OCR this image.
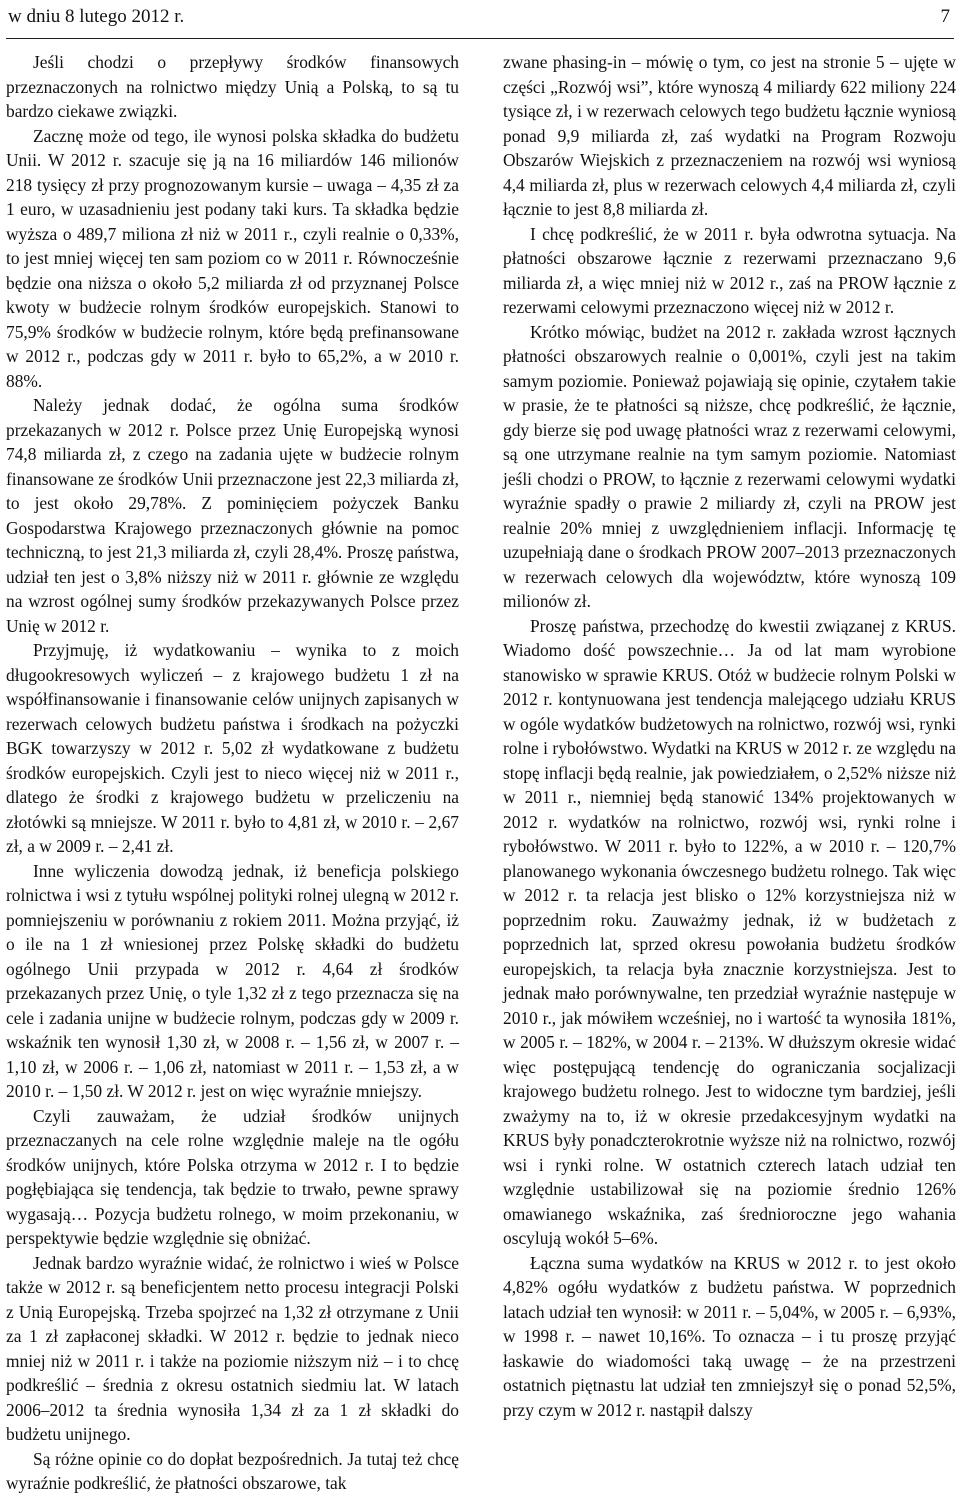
w dniu 8 lutego 2012 r.	7

Jeśli chodzi o przepływy środków finansowych przeznaczonych na rolnictwo między Unią a Polską, to są tu bardzo ciekawe związki.

Zacznę może od tego, ile wynosi polska składka do budżetu Unii. W 2012 r. szacuje się ją na 16 miliardów 146 milionów 218 tysięcy zł przy prognozowanym kursie – uwaga – 4,35 zł za 1 euro, w uzasadnieniu jest podany taki kurs. Ta składka będzie wyższa o 489,7 miliona zł niż w 2011 r., czyli realnie o 0,33%, to jest mniej więcej ten sam poziom co w 2011 r. Równocześnie będzie ona niższa o około 5,2 miliarda zł od przyznanej Polsce kwoty w budżecie rolnym środków europejskich. Stanowi to 75,9% środków w budżecie rolnym, które będą prefinansowane w 2012 r., podczas gdy w 2011 r. było to 65,2%, a w 2010 r. 88%.

Należy jednak dodać, że ogólna suma środków przekazanych w 2012 r. Polsce przez Unię Europejską wynosi 74,8 miliarda zł, z czego na zadania ujęte w budżecie rolnym finansowane ze środków Unii przeznaczone jest 22,3 miliarda zł, to jest około 29,78%. Z pominięciem pożyczek Banku Gospodarstwa Krajowego przeznaczonych głównie na pomoc techniczną, to jest 21,3 miliarda zł, czyli 28,4%. Proszę państwa, udział ten jest o 3,8% niższy niż w 2011 r. głównie ze względu na wzrost ogólnej sumy środków przekazywanych Polsce przez Unię w 2012 r.

Przyjmuję, iż wydatkowaniu – wynika to z moich długookresowych wyliczeń – z krajowego budżetu 1 zł na współfinansowanie i finansowanie celów unijnych zapisanych w rezerwach celowych budżetu państwa i środkach na pożyczki BGK towarzyszy w 2012 r. 5,02 zł wydatkowane z budżetu środków europejskich. Czyli jest to nieco więcej niż w 2011 r., dlatego że środki z krajowego budżetu w przeliczeniu na złotówki są mniejsze. W 2011 r. było to 4,81 zł, w 2010 r. – 2,67 zł, a w 2009 r. – 2,41 zł.

Inne wyliczenia dowodzą jednak, iż beneficja polskiego rolnictwa i wsi z tytułu wspólnej polityki rolnej ulegną w 2012 r. pomniejszeniu w porównaniu z rokiem 2011. Można przyjąć, iż o ile na 1 zł wniesionej przez Polskę składki do budżetu ogólnego Unii przypada w 2012 r. 4,64 zł środków przekazanych przez Unię, o tyle 1,32 zł z tego przeznacza się na cele i zadania unijne w budżecie rolnym, podczas gdy w 2009 r. wskaźnik ten wynosił 1,30 zł, w 2008 r. – 1,56 zł, w 2007 r. – 1,10 zł, w 2006 r. – 1,06 zł, natomiast w 2011 r. – 1,53 zł, a w 2010 r. – 1,50 zł. W 2012 r. jest on więc wyraźnie mniejszy.

Czyli zauważam, że udział środków unijnych przeznaczanych na cele rolne względnie maleje na tle ogółu środków unijnych, które Polska otrzyma w 2012 r. I to będzie pogłębiająca się tendencja, tak będzie to trwało, pewne sprawy wygasają… Pozycja budżetu rolnego, w moim przekonaniu, w perspektywie będzie względnie się obniżać.

Jednak bardzo wyraźnie widać, że rolnictwo i wieś w Polsce także w 2012 r. są beneficjentem netto procesu integracji Polski z Unią Europejską. Trzeba spojrzeć na 1,32 zł otrzymane z Unii za 1 zł zapłaconej składki. W 2012 r. będzie to jednak nieco mniej niż w 2011 r. i także na poziomie niższym niż – i to chcę podkreślić – średnia z okresu ostatnich siedmiu lat. W latach 2006–2012 ta średnia wynosiła 1,34 zł za 1 zł składki do budżetu unijnego.

Są różne opinie co do dopłat bezpośrednich. Ja tutaj też chcę wyraźnie podkreślić, że płatności obszarowe, tak

zwane phasing-in – mówię o tym, co jest na stronie 5 – ujęte w części „Rozwój wsi”, które wynoszą 4 miliardy 622 miliony 224 tysiące zł, i w rezerwach celowych tego budżetu łącznie wyniosą ponad 9,9 miliarda zł, zaś wydatki na Program Rozwoju Obszarów Wiejskich z przeznaczeniem na rozwój wsi wyniosą 4,4 miliarda zł, plus w rezerwach celowych 4,4 miliarda zł, czyli łącznie to jest 8,8 miliarda zł.

I chcę podkreślić, że w 2011 r. była odwrotna sytuacja. Na płatności obszarowe łącznie z rezerwami przeznaczano 9,6 miliarda zł, a więc mniej niż w 2012 r., zaś na PROW łącznie z rezerwami celowymi przeznaczono więcej niż w 2012 r.

Krótko mówiąc, budżet na 2012 r. zakłada wzrost łącznych płatności obszarowych realnie o 0,001%, czyli jest na takim samym poziomie. Ponieważ pojawiają się opinie, czytałem takie w prasie, że te płatności są niższe, chcę podkreślić, że łącznie, gdy bierze się pod uwagę płatności wraz z rezerwami celowymi, są one utrzymane realnie na tym samym poziomie. Natomiast jeśli chodzi o PROW, to łącznie z rezerwami celowymi wydatki wyraźnie spadły o prawie 2 miliardy zł, czyli na PROW jest realnie 20% mniej z uwzględnieniem inflacji. Informację tę uzupełniają dane o środkach PROW 2007–2013 przeznaczonych w rezerwach celowych dla województw, które wynoszą 109 milionów zł.

Proszę państwa, przechodzę do kwestii związanej z KRUS. Wiadomo dość powszechnie… Ja od lat mam wyrobione stanowisko w sprawie KRUS. Otóż w budżecie rolnym Polski w 2012 r. kontynuowana jest tendencja malejącego udziału KRUS w ogóle wydatków budżetowych na rolnictwo, rozwój wsi, rynki rolne i rybołówstwo. Wydatki na KRUS w 2012 r. ze względu na stopę inflacji będą realnie, jak powiedziałem, o 2,52% niższe niż w 2011 r., niemniej będą stanowić 134% projektowanych w 2012 r. wydatków na rolnictwo, rozwój wsi, rynki rolne i rybołówstwo. W 2011 r. było to 122%, a w 2010 r. – 120,7% planowanego wykonania ówczesnego budżetu rolnego. Tak więc w 2012 r. ta relacja jest blisko o 12% korzystniejsza niż w poprzednim roku. Zauważmy jednak, iż w budżetach z poprzednich lat, sprzed okresu powołania budżetu środków europejskich, ta relacja była znacznie korzystniejsza. Jest to jednak mało porównywalne, ten przedział wyraźnie następuje w 2010 r., jak mówiłem wcześniej, no i wartość ta wynosiła 181%, w 2005 r. – 182%, w 2004 r. – 213%. W dłuższym okresie widać więc postępującą tendencję do ograniczania socjalizacji krajowego budżetu rolnego. Jest to widoczne tym bardziej, jeśli zważymy na to, iż w okresie przedakcesyjnym wydatki na KRUS były ponadczterokrotnie wyższe niż na rolnictwo, rozwój wsi i rynki rolne. W ostatnich czterech latach udział ten względnie ustabilizował się na poziomie średnio 126% omawianego wskaźnika, zaś średnioroczne jego wahania oscylują wokół 5–6%.

Łączna suma wydatków na KRUS w 2012 r. to jest około 4,82% ogółu wydatków z budżetu państwa. W poprzednich latach udział ten wynosił: w 2011 r. – 5,04%, w 2005 r. – 6,93%, w 1998 r. – nawet 10,16%. To oznacza – i tu proszę przyjąć łaskawie do wiadomości taką uwagę – że na przestrzeni ostatnich piętnastu lat udział ten zmniejszył się o ponad 52,5%, przy czym w 2012 r. nastąpił dalszy
